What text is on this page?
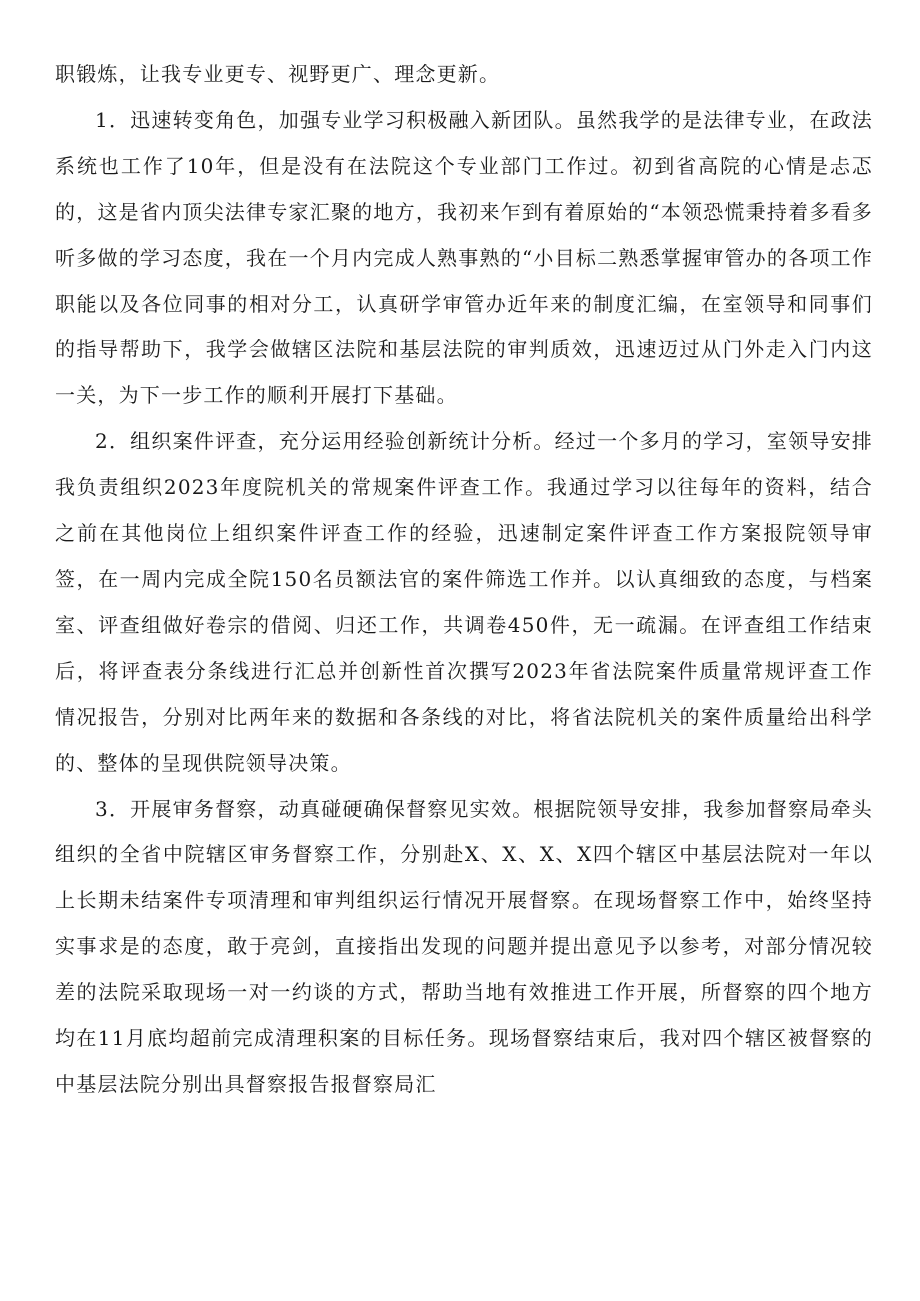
职锻炼，让我专业更专、视野更广、理念更新。

1．迅速转变角色，加强专业学习积极融入新团队。虽然我学的是法律专业，在政法系统也工作了10年，但是没有在法院这个专业部门工作过。初到省高院的心情是忐忑的，这是省内顶尖法律专家汇聚的地方，我初来乍到有着原始的“本领恐慌秉持着多看多听多做的学习态度，我在一个月内完成人熟事熟的“小目标二熟悉掌握审管办的各项工作职能以及各位同事的相对分工，认真研学审管办近年来的制度汇编，在室领导和同事们的指导帮助下，我学会做辖区法院和基层法院的审判质效，迅速迈过从门外走入门内这一关，为下一步工作的顺利开展打下基础。

2．组织案件评查，充分运用经验创新统计分析。经过一个多月的学习，室领导安排我负责组织2023年度院机关的常规案件评查工作。我通过学习以往每年的资料，结合之前在其他岗位上组织案件评查工作的经验，迅速制定案件评查工作方案报院领导审签，在一周内完成全院150名员额法官的案件筛选工作并。以认真细致的态度，与档案室、评查组做好卷宗的借阅、归还工作，共调卷450件，无一疏漏。在评查组工作结束后，将评查表分条线进行汇总并创新性首次撰写2023年省法院案件质量常规评查工作情况报告，分别对比两年来的数据和各条线的对比，将省法院机关的案件质量给出科学的、整体的呈现供院领导决策。

3．开展审务督察，动真碰硬确保督察见实效。根据院领导安排，我参加督察局牵头组织的全省中院辖区审务督察工作，分别赴X、X、X、X四个辖区中基层法院对一年以上长期未结案件专项清理和审判组织运行情况开展督察。在现场督察工作中，始终坚持实事求是的态度，敢于亮剑，直接指出发现的问题并提出意见予以参考，对部分情况较差的法院采取现场一对一约谈的方式，帮助当地有效推进工作开展，所督察的四个地方均在11月底均超前完成清理积案的目标任务。现场督察结束后，我对四个辖区被督察的中基层法院分别出具督察报告报督察局汇
